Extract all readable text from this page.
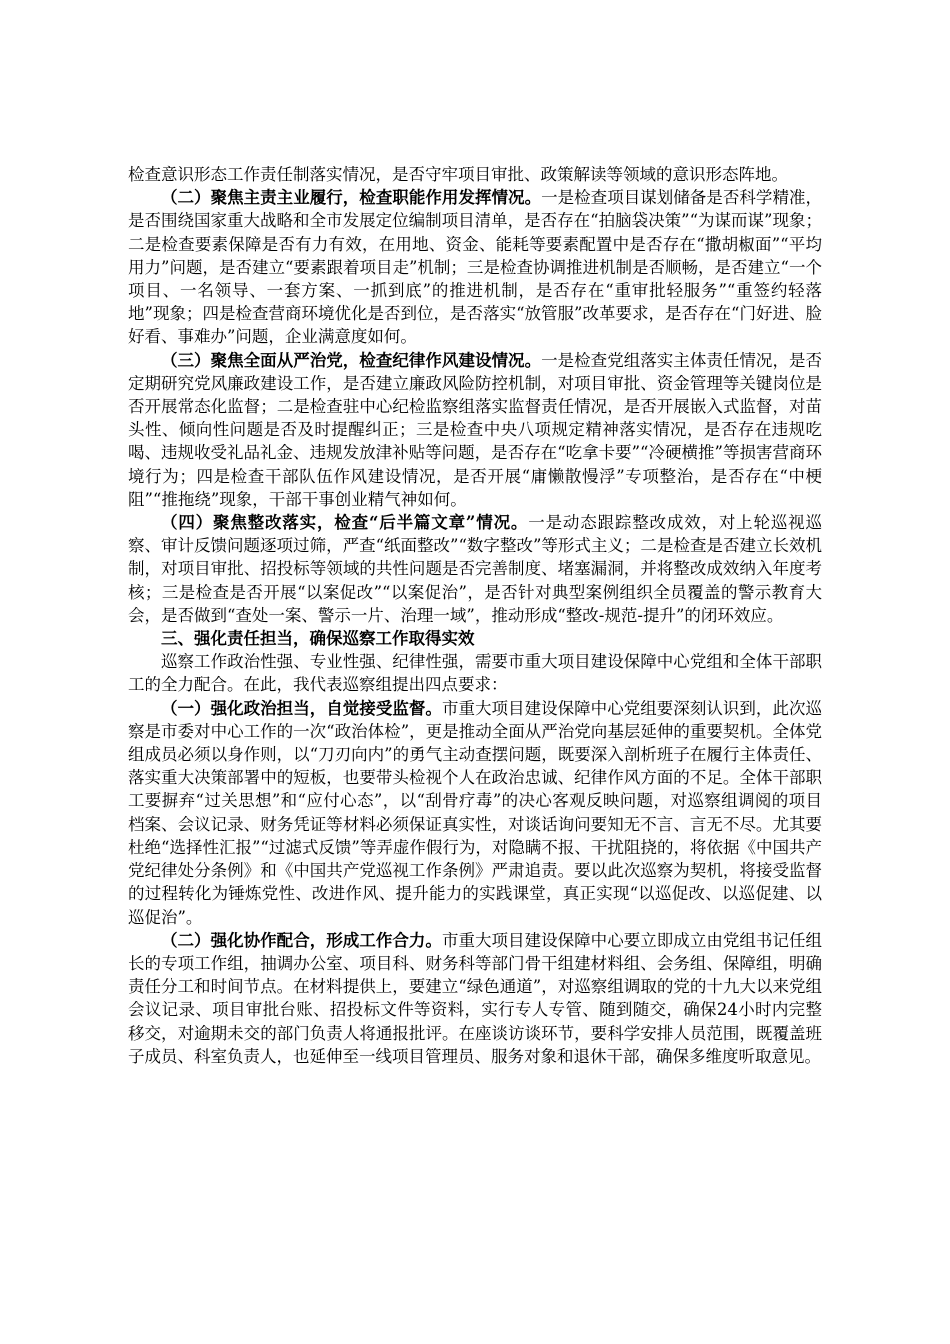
检查意识形态工作责任制落实情况，是否守牢项目审批、政策解读等领域的意识形态阵地。

（二）聚焦主责主业履行，检查职能作用发挥情况。一是检查项目谋划储备是否科学精准，是否围绕国家重大战略和全市发展定位编制项目清单，是否存在“拍脑袋决策”“为谋而谋”现象；二是检查要素保障是否有力有效，在用地、资金、能耗等要素配置中是否存在“撒胡椒面”“平均用力”问题，是否建立“要素跟着项目走”机制；三是检查协调推进机制是否顺畅，是否建立“一个项目、一名领导、一套方案、一抓到底”的推进机制，是否存在“重审批轻服务”“重签约轻落地”现象；四是检查营商环境优化是否到位，是否落实“放管服”改革要求，是否存在“门好进、脸好看、事难办”问题，企业满意度如何。

（三）聚焦全面从严治党，检查纪律作风建设情况。一是检查党组落实主体责任情况，是否定期研究党风廉政建设工作，是否建立廉政风险防控机制，对项目审批、资金管理等关键岗位是否开展常态化监督；二是检查驻中心纪检监察组落实监督责任情况，是否开展嵌入式监督，对苗头性、倾向性问题是否及时提醒纠正；三是检查中央八项规定精神落实情况，是否存在违规吃喝、违规收受礼品礼金、违规发放津补贴等问题，是否存在“吃拿卡要”“冷硬横推”等损害营商环境行为；四是检查干部队伍作风建设情况，是否开展“庸懒散慢浮”专项整治，是否存在“中梗阻”“推拖绕”现象，干部干事创业精气神如何。

（四）聚焦整改落实，检查“后半篇文章”情况。一是动态跟踪整改成效，对上轮巡视巡察、审计反馈问题逐项过筛，严查“纸面整改”“数字整改”等形式主义；二是检查是否建立长效机制，对项目审批、招投标等领域的共性问题是否完善制度、堵塞漏洞，并将整改成效纳入年度考核；三是检查是否开展“以案促改”“以案促治”，是否针对典型案例组织全员覆盖的警示教育大会，是否做到“查处一案、警示一片、治理一域”，推动形成“整改-规范-提升”的闭环效应。

三、强化责任担当，确保巡察工作取得实效

巡察工作政治性强、专业性强、纪律性强，需要市重大项目建设保障中心党组和全体干部职工的全力配合。在此，我代表巡察组提出四点要求：

（一）强化政治担当，自觉接受监督。市重大项目建设保障中心党组要深刻认识到，此次巡察是市委对中心工作的一次“政治体检”，更是推动全面从严治党向基层延伸的重要契机。全体党组成员必须以身作则，以“刀刃向内”的勇气主动查摆问题，既要深入剖析班子在履行主体责任、落实重大决策部署中的短板，也要带头检视个人在政治忠诚、纪律作风方面的不足。全体干部职工要摒弃“过关思想”和“应付心态”，以“刮骨疗毒”的决心客观反映问题，对巡察组调阅的项目档案、会议记录、财务凭证等材料必须保证真实性，对谈话询问要知无不言、言无不尽。尤其要杜绝“选择性汇报”“过滤式反馈”等弄虚作假行为，对隐瞒不报、干扰阻挠的，将依据《中国共产党纪律处分条例》和《中国共产党巡视工作条例》严肃追责。要以此次巡察为契机，将接受监督的过程转化为锤炼党性、改进作风、提升能力的实践课堂，真正实现“以巡促改、以巡促建、以巡促治”。

（二）强化协作配合，形成工作合力。市重大项目建设保障中心要立即成立由党组书记任组长的专项工作组，抽调办公室、项目科、财务科等部门骨干组建材料组、会务组、保障组，明确责任分工和时间节点。在材料提供上，要建立“绿色通道”，对巡察组调取的党的十九大以来党组会议记录、项目审批台账、招投标文件等资料，实行专人专管、随到随交，确保24小时内完整移交，对逾期未交的部门负责人将通报批评。在座谈访谈环节，要科学安排人员范围，既覆盖班子成员、科室负责人，也延伸至一线项目管理员、服务对象和退休干部，确保多维度听取意见。
